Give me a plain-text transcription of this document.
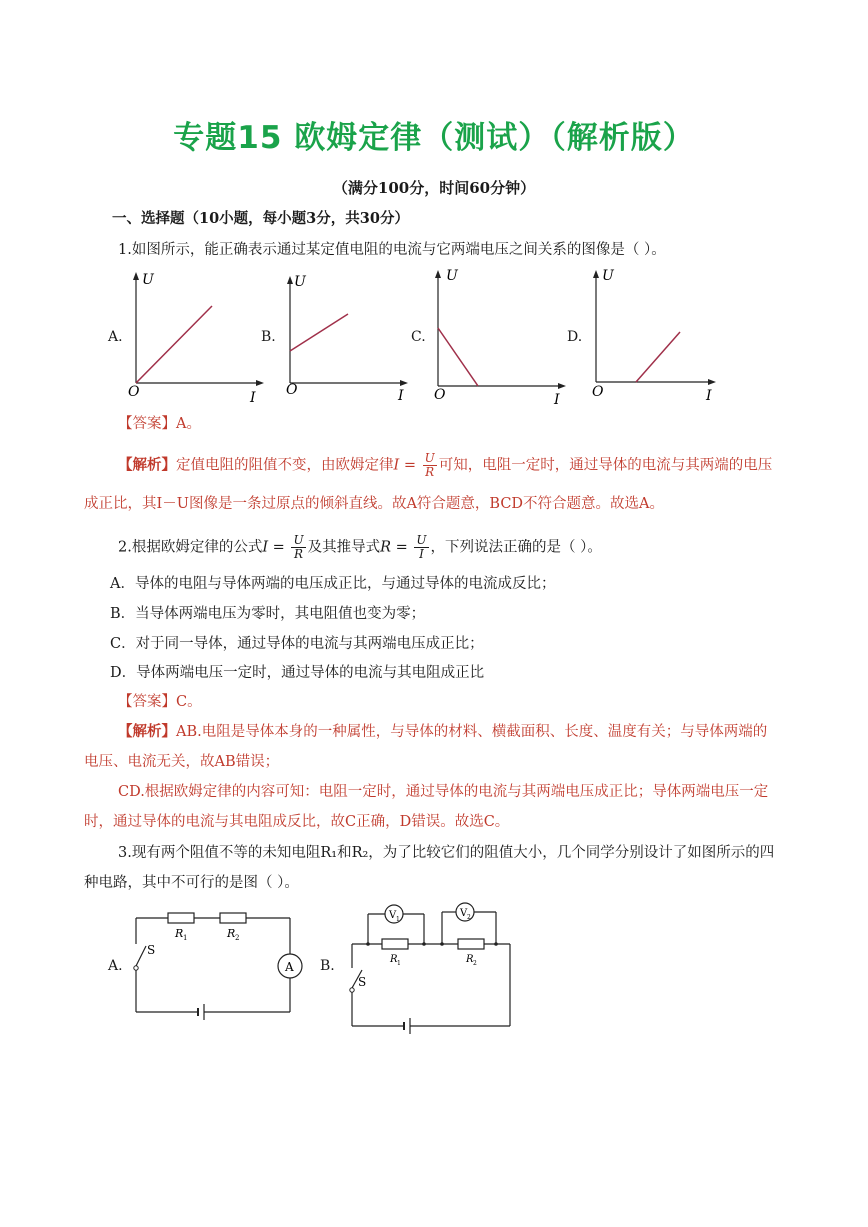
专题15 欧姆定律（测试）（解析版）
（满分100分，时间60分钟）
一、选择题（10小题，每小题3分，共30分）
1.如图所示，能正确表示通过某定值电阻的电流与它两端电压之间关系的图像是（ ）。
A.
U
O	I
B.
U
O	I
C.
U
O	I
D.
U
O	I
【答案】A。
【解析】定值电阻的阻值不变，由欧姆定律$I = \frac{U}{R}$ 可知，电阻一定时，通过导体的电流与其两端的电压
成正比，其I－U图像是一条过原点的倾斜直线。故A符合题意，BCD不符合题意。故选A。
2.根据欧姆定律的公式$I = \frac{U}{R}$ 及其推导式$R = \frac{U}{I}$ ，下列说法正确的是（ ）。
A．导体的电阻与导体两端的电压成正比，与通过导体的电流成反比；
B．当导体两端电压为零时，其电阻值也变为零；
C．对于同一导体，通过导体的电流与其两端电压成正比；
D．导体两端电压一定时，通过导体的电流与其电阻成正比
【答案】C。
【解析】AB.电阻是导体本身的一种属性，与导体的材料、横截面积、长度、温度有关；与导体两端的
电压、电流无关，故AB错误；
CD.根据欧姆定律的内容可知：电阻一定时，通过导体的电流与其两端电压成正比；导体两端电压一定
时，通过导体的电流与其电阻成反比，故C正确，D错误。故选C。
3.现有两个阻值不等的未知电阻R₁和R₂，为了比较它们的阻值大小，几个同学分别设计了如图所示的四
种电路，其中不可行的是图（ ）。
A.	A
S
R 1	R 2
B.
V 1
V 2
R 1	R 2
S
